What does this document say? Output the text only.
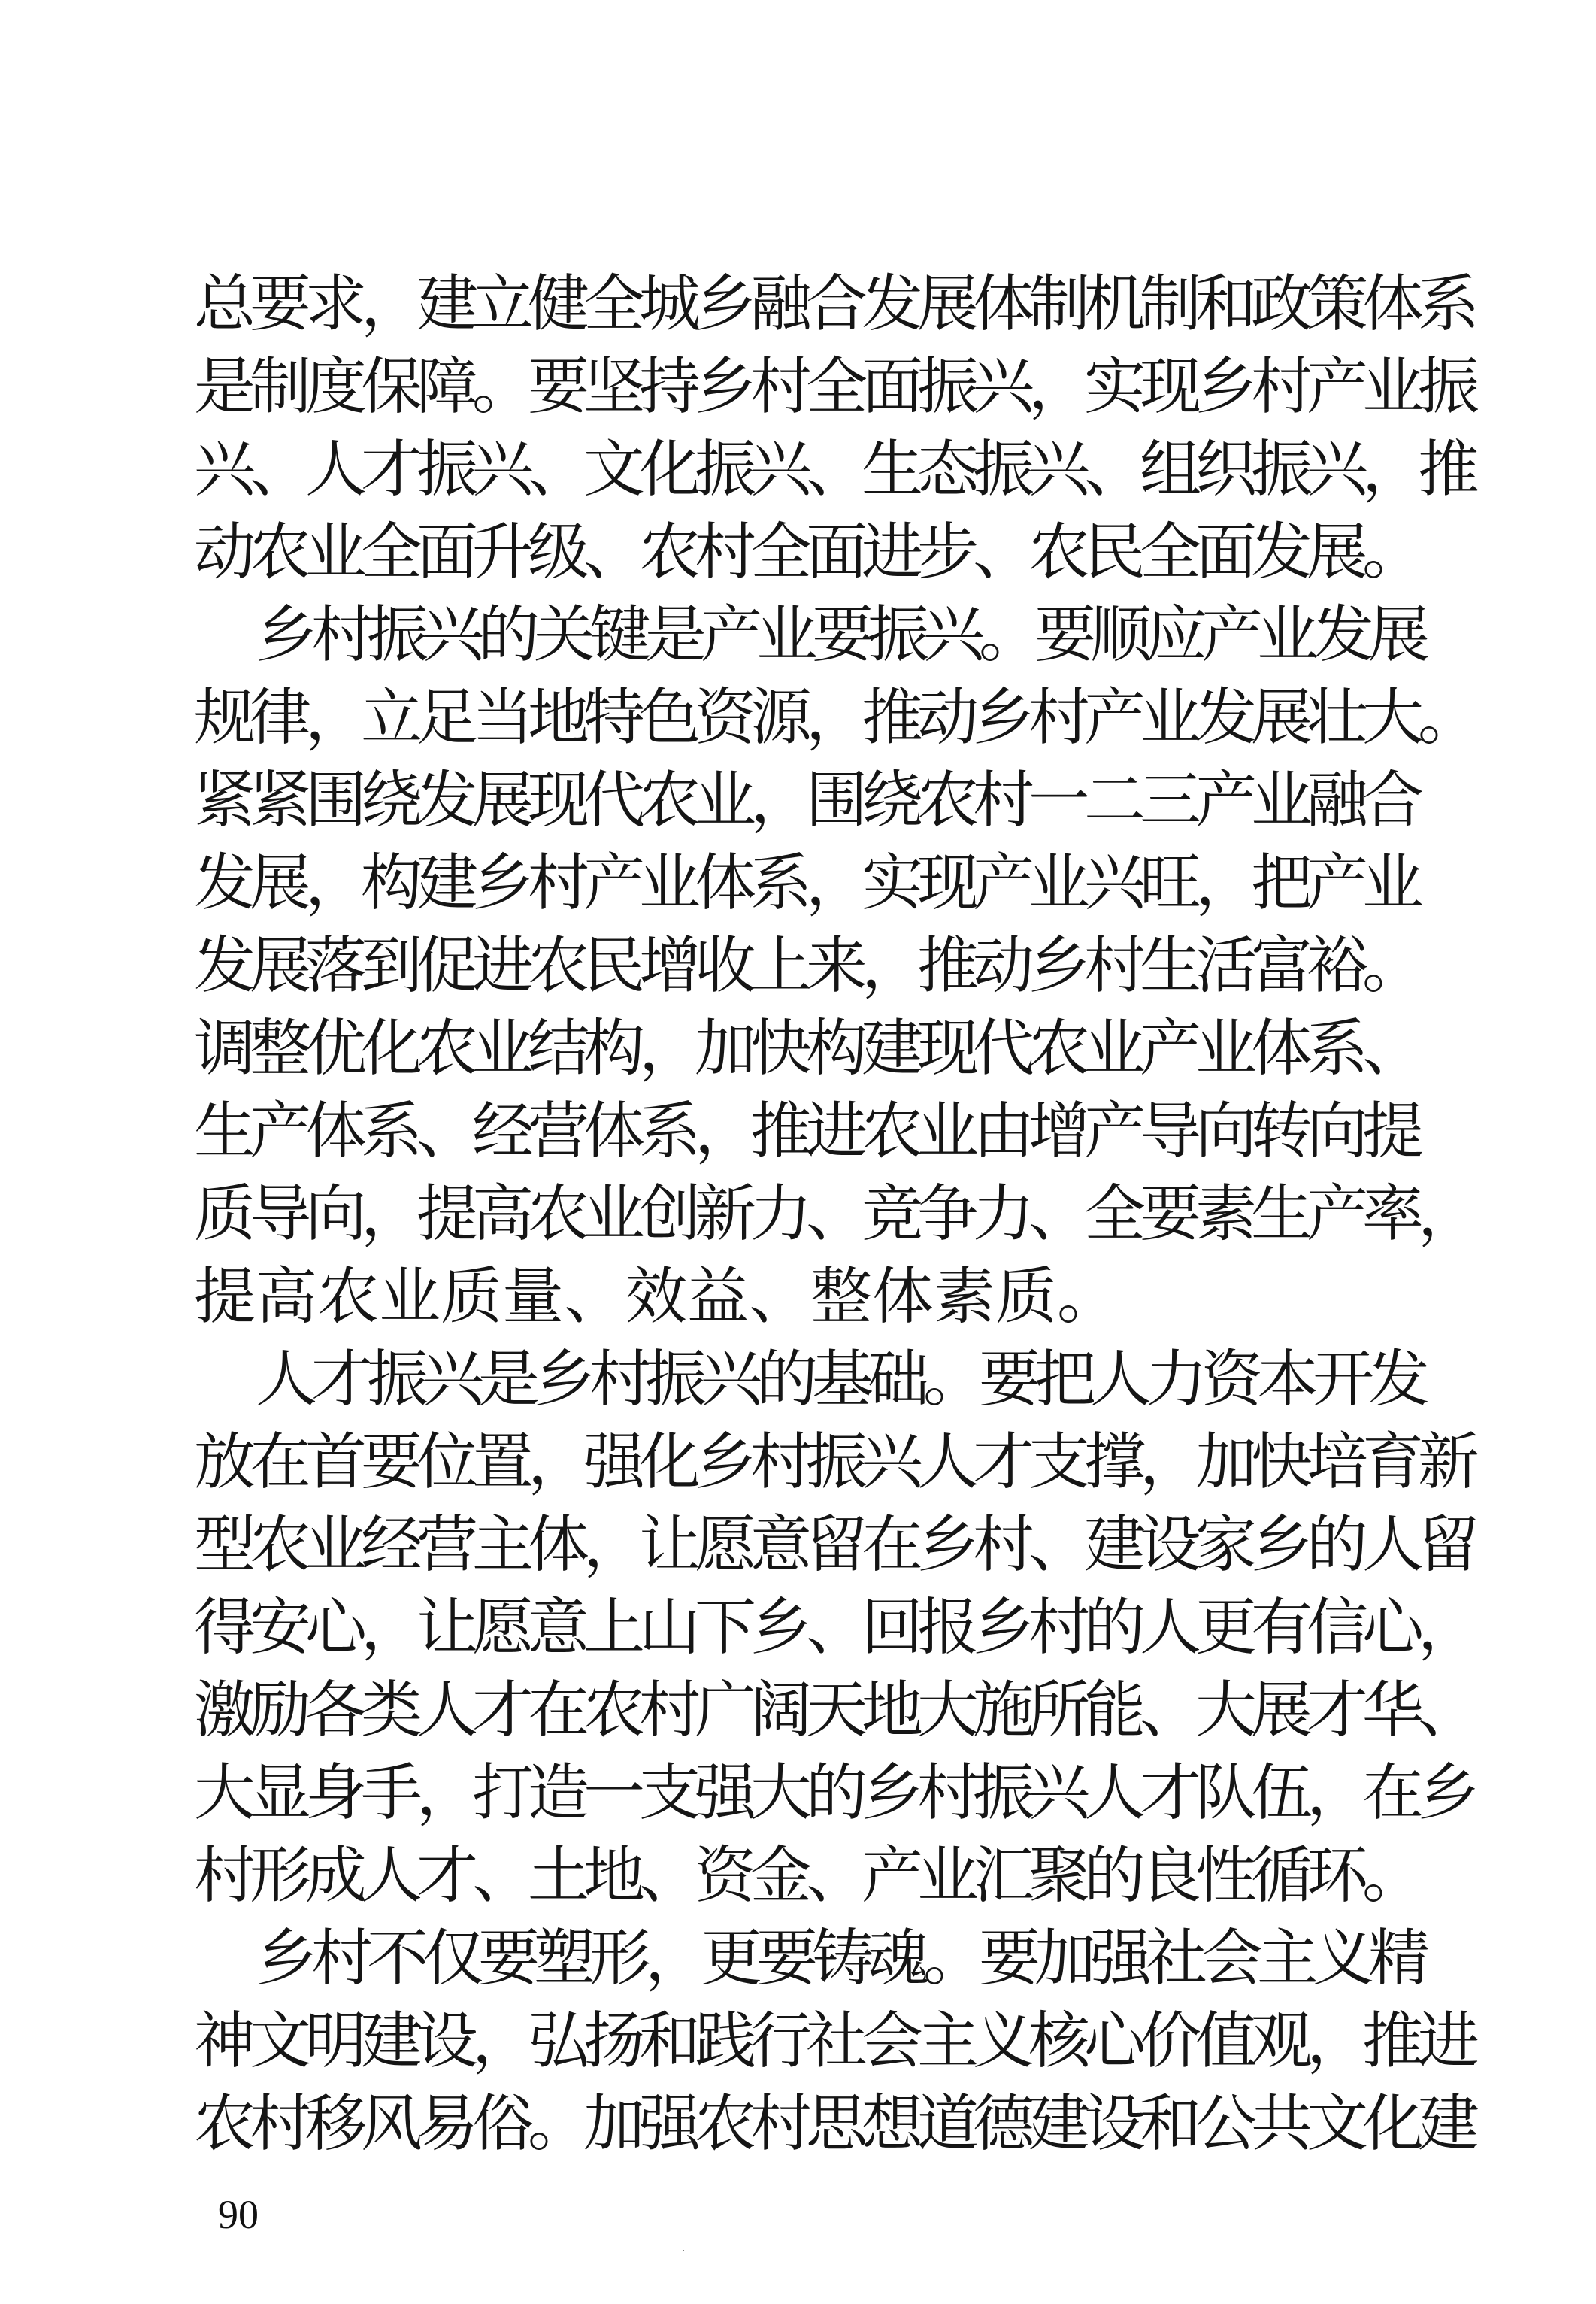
总要求，建立健全城乡融合发展体制机制和政策体系
是制度保障。要坚持乡村全面振兴，实现乡村产业振
兴、人才振兴、文化振兴、生态振兴、组织振兴，推
动农业全面升级、农村全面进步、农民全面发展。
乡村振兴的关键是产业要振兴。要顺应产业发展
规律，立足当地特色资源，推动乡村产业发展壮大。
紧紧围绕发展现代农业，围绕农村一二三产业融合
发展，构建乡村产业体系，实现产业兴旺，把产业
发展落到促进农民增收上来，推动乡村生活富裕。
调整优化农业结构，加快构建现代农业产业体系、
生产体系、经营体系，推进农业由增产导向转向提
质导向，提高农业创新力、竞争力、全要素生产率，
提高农业质量、效益、整体素质。
人才振兴是乡村振兴的基础。要把人力资本开发
放在首要位置，强化乡村振兴人才支撑，加快培育新
型农业经营主体，让愿意留在乡村、建设家乡的人留
得安心，让愿意上山下乡、回报乡村的人更有信心，
激励各类人才在农村广阔天地大施所能、大展才华、
大显身手，打造一支强大的乡村振兴人才队伍，在乡
村形成人才、土地、资金、产业汇聚的良性循环。
乡村不仅要塑形，更要铸魂。要加强社会主义精
神文明建设，弘扬和践行社会主义核心价值观，推进
农村移风易俗。加强农村思想道德建设和公共文化建
90
